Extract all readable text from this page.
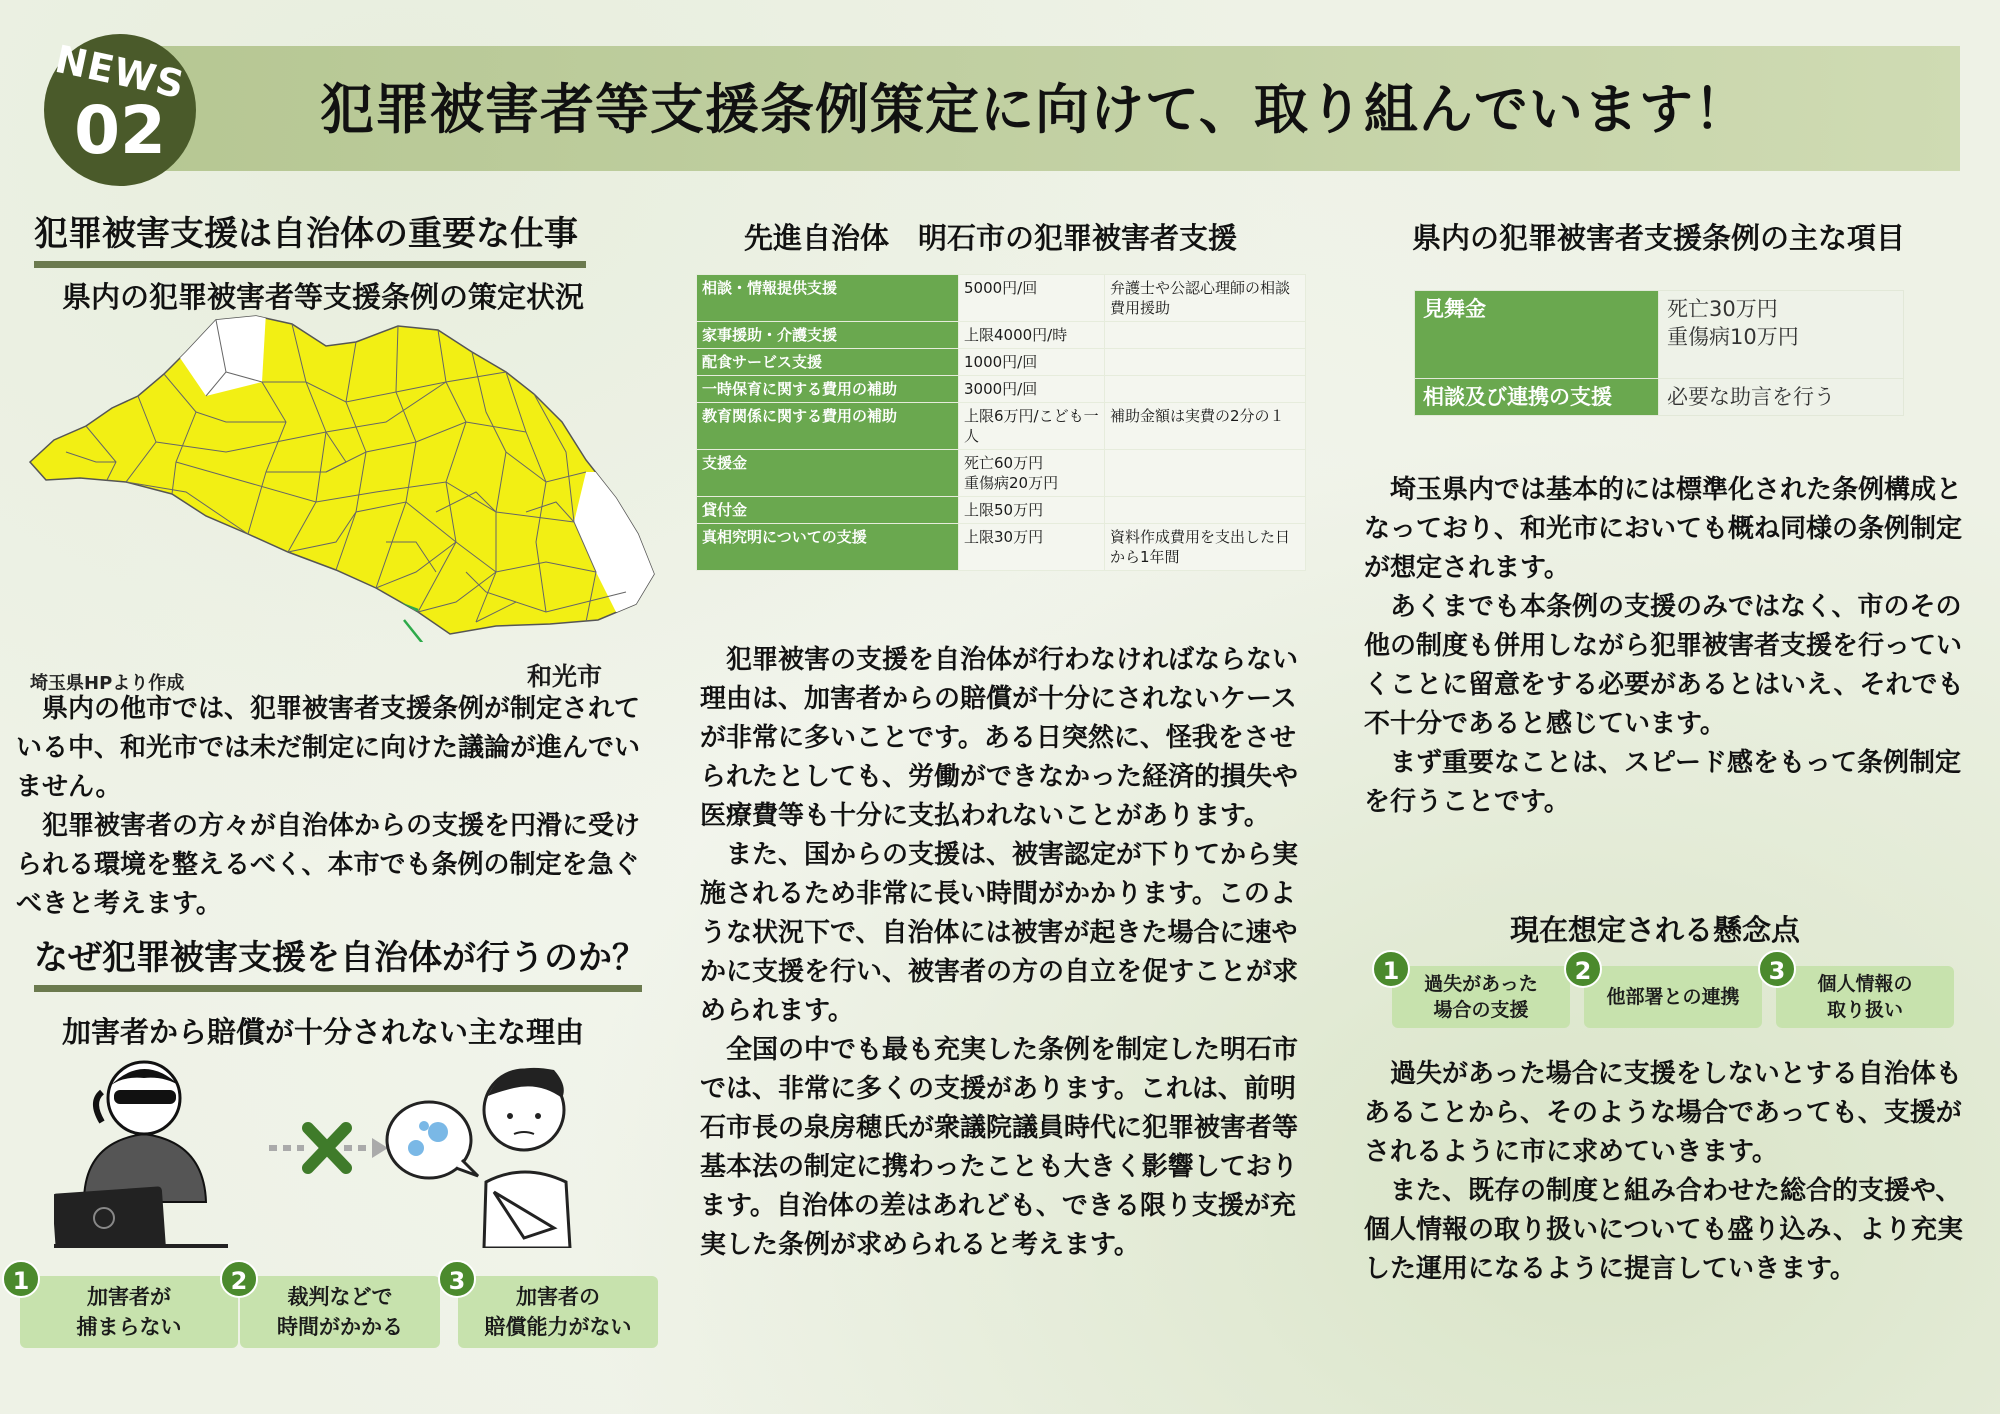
犯罪被害者等支援条例策定に向けて、取り組んでいます！
NEWS
02
犯罪被害支援は自治体の重要な仕事
県内の犯罪被害者等支援条例の策定状況
埼玉県HPより作成	和光市

県内の他市では、犯罪被害者支援条例が制定されている中、和光市では未だ制定に向けた議論が進んでいません。

犯罪被害者の方々が自治体からの支援を円滑に受けられる環境を整えるべく、本市でも条例の制定を急ぐべきと考えます。

なぜ犯罪被害支援を自治体が行うのか？
加害者から賠償が十分されない主な理由
加害者が
捕まらない
1
裁判などで
時間がかかる
2
加害者の
賠償能力がない
3
先進自治体　明石市の犯罪被害者支援
相談・情報提供支援	5000円/回	弁護士や公認心理師の相談費用援助
家事援助・介護支援	上限4000円/時	
配食サービス支援	1000円/回	
一時保育に関する費用の補助	3000円/回	
教育関係に関する費用の補助	上限6万円/こども一人	補助金額は実費の2分の１
支援金	死亡60万円
重傷病20万円	
貸付金	上限50万円	
真相究明についての支援	上限30万円	資料作成費用を支出した日から1年間

犯罪被害の支援を自治体が行わなければならない理由は、加害者からの賠償が十分にされないケースが非常に多いことです。ある日突然に、怪我をさせられたとしても、労働ができなかった経済的損失や医療費等も十分に支払われないことがあります。

また、国からの支援は、被害認定が下りてから実施されるため非常に長い時間がかかります。このような状況下で、自治体には被害が起きた場合に速やかに支援を行い、被害者の方の自立を促すことが求められます。

全国の中でも最も充実した条例を制定した明石市では、非常に多くの支援があります。これは、前明石市長の泉房穂氏が衆議院議員時代に犯罪被害者等基本法の制定に携わったことも大きく影響しております。自治体の差はあれども、できる限り支援が充実した条例が求められると考えます。

県内の犯罪被害者支援条例の主な項目
見舞金	死亡30万円
重傷病10万円
相談及び連携の支援	必要な助言を行う

埼玉県内では基本的には標準化された条例構成となっており、和光市においても概ね同様の条例制定が想定されます。

あくまでも本条例の支援のみではなく、市のその他の制度も併用しながら犯罪被害者支援を行っていくことに留意をする必要があるとはいえ、それでも不十分であると感じています。

まず重要なことは、スピード感をもって条例制定を行うことです。

現在想定される懸念点
過失があった
場合の支援
1
他部署との連携
2	個人情報の
取り扱い
3

過失があった場合に支援をしないとする自治体もあることから、そのような場合であっても、支援がされるように市に求めていきます。

また、既存の制度と組み合わせた総合的支援や、個人情報の取り扱いについても盛り込み、より充実した運用になるように提言していきます。
